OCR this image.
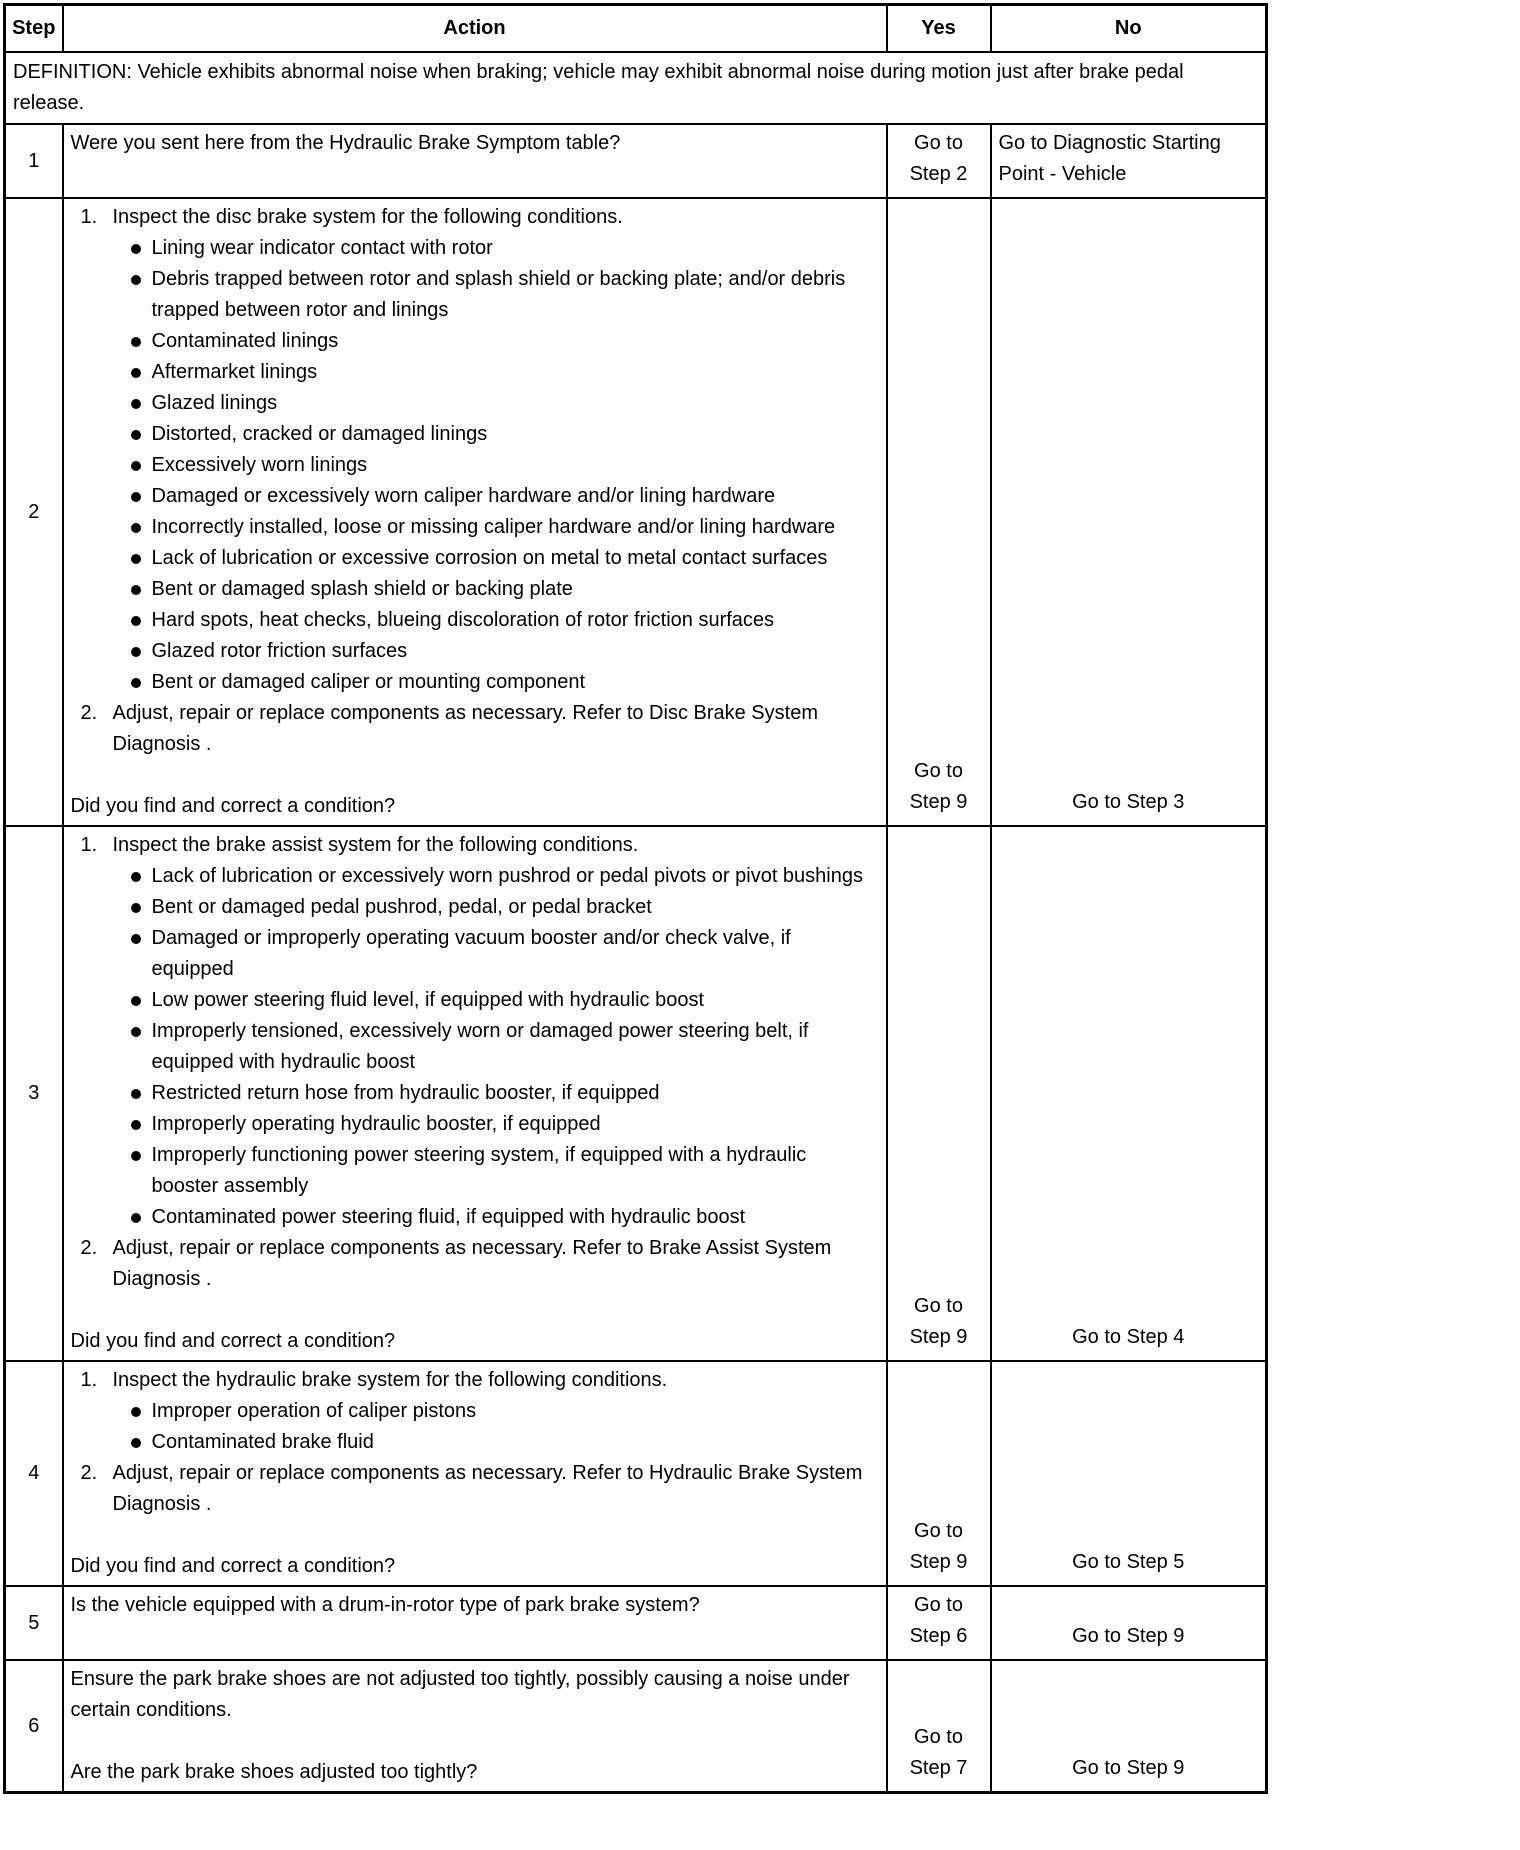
Step	Action	Yes	No
DEFINITION: Vehicle exhibits abnormal noise when braking; vehicle may exhibit abnormal noise during motion just after brake pedal release.			
1	Were you sent here from the Hydraulic Brake Symptom table?	Go to Step 2	Go to Diagnostic Starting Point - Vehicle
2	
1. Inspect the disc brake system for the following conditions.
Lining wear indicator contact with rotor
Debris trapped between rotor and splash shield or backing plate; and/or debris trapped between rotor and linings
Contaminated linings
Aftermarket linings
Glazed linings
Distorted, cracked or damaged linings
Excessively worn linings
Damaged or excessively worn caliper hardware and/or lining hardware
Incorrectly installed, loose or missing caliper hardware and/or lining hardware
Lack of lubrication or excessive corrosion on metal to metal contact surfaces
Bent or damaged splash shield or backing plate
Hard spots, heat checks, blueing discoloration of rotor friction surfaces
Glazed rotor friction surfaces
Bent or damaged caliper or mounting component
2. Adjust, repair or replace components as necessary. Refer to Disc Brake System Diagnosis .
Did you find and correct a condition?
	Go to Step 9	Go to Step 3
3	
1. Inspect the brake assist system for the following conditions.
Lack of lubrication or excessively worn pushrod or pedal pivots or pivot bushings
Bent or damaged pedal pushrod, pedal, or pedal bracket
Damaged or improperly operating vacuum booster and/or check valve, if equipped
Low power steering fluid level, if equipped with hydraulic boost
Improperly tensioned, excessively worn or damaged power steering belt, if equipped with hydraulic boost
Restricted return hose from hydraulic booster, if equipped
Improperly operating hydraulic booster, if equipped
Improperly functioning power steering system, if equipped with a hydraulic booster assembly
Contaminated power steering fluid, if equipped with hydraulic boost
2. Adjust, repair or replace components as necessary. Refer to Brake Assist System Diagnosis .
Did you find and correct a condition?
	Go to Step 9	Go to Step 4
4	
1. Inspect the hydraulic brake system for the following conditions.
Improper operation of caliper pistons
Contaminated brake fluid
2. Adjust, repair or replace components as necessary. Refer to Hydraulic Brake System Diagnosis .
Did you find and correct a condition?
	Go to Step 9	Go to Step 5
5	Is the vehicle equipped with a drum-in-rotor type of park brake system?	Go to Step 6	Go to Step 9
6	Ensure the park brake shoes are not adjusted too tightly, possibly causing a noise under certain conditions.
Are the park brake shoes adjusted too tightly?	Go to Step 7	Go to Step 9
